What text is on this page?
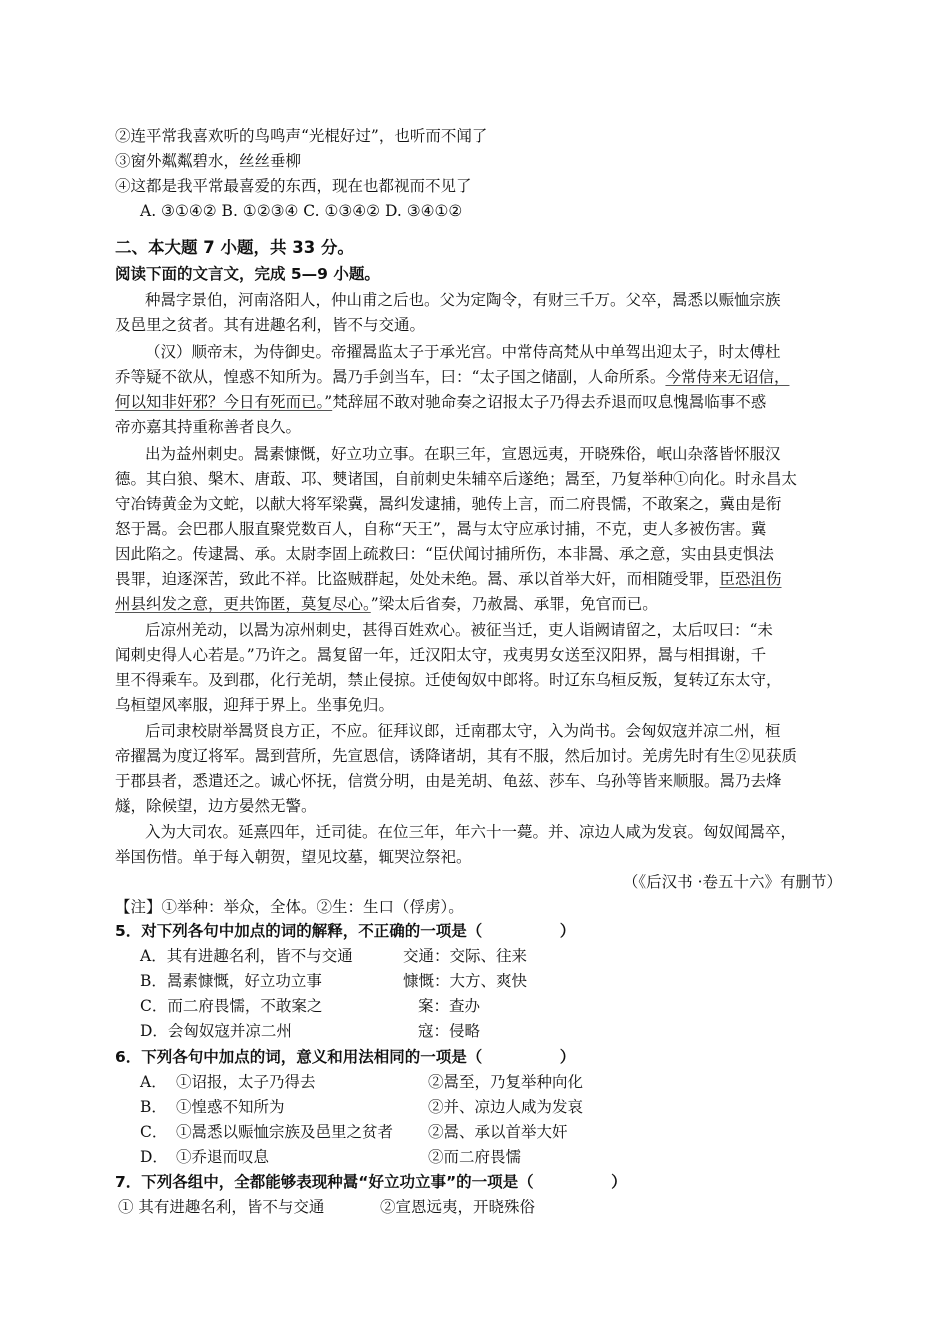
②连平常我喜欢听的鸟鸣声“光棍好过”，也听而不闻了
③窗外粼粼碧水，丝丝垂柳
④这都是我平常最喜爱的东西，现在也都视而不见了
A. ③①④② B. ①②③④ C. ①③④② D. ③④①②
二、本大题 7 小题，共 33 分。
阅读下面的文言文，完成 5—9 小题。
种暠字景伯，河南洛阳人，仲山甫之后也。父为定陶令，有财三千万。父卒，暠悉以赈恤宗族
及邑里之贫者。其有进趣名利，皆不与交通。
（汉）顺帝末，为侍御史。帝擢暠监太子于承光宫。中常侍高梵从中单驾出迎太子，时太傅杜
乔等疑不欲从，惶惑不知所为。暠乃手剑当车，曰：“太子国之储副，人命所系。今常侍来无诏信，
何以知非奸邪？今日有死而已。”梵辞屈不敢对驰命奏之诏报太子乃得去乔退而叹息愧暠临事不惑
帝亦嘉其持重称善者良久。
出为益州刺史。暠素慷慨，好立功立事。在职三年，宣恩远夷，开晓殊俗，岷山杂落皆怀服汉
德。其白狼、槃木、唐菆、邛、僰诸国，自前刺史朱辅卒后遂绝；暠至，乃复举种①向化。时永昌太
守冶铸黄金为文蛇，以献大将军梁冀，暠纠发逮捕，驰传上言，而二府畏懦，不敢案之，冀由是衔
怒于暠。会巴郡人服直聚党数百人，自称“天王”，暠与太守应承讨捕，不克，吏人多被伤害。冀
因此陷之。传逮暠、承。太尉李固上疏救曰：“臣伏闻讨捕所伤，本非暠、承之意，实由县吏惧法
畏罪，迫逐深苦，致此不祥。比盗贼群起，处处未绝。暠、承以首举大奸，而相随受罪，臣恐沮伤
州县纠发之意，更共饰匿，莫复尽心。”梁太后省奏，乃赦暠、承罪，免官而已。
后凉州羌动，以暠为凉州刺史，甚得百姓欢心。被征当迁，吏人诣阙请留之，太后叹曰：“未
闻刺史得人心若是。”乃许之。暠复留一年，迁汉阳太守，戎夷男女送至汉阳界，暠与相揖谢，千
里不得乘车。及到郡，化行羌胡，禁止侵掠。迁使匈奴中郎将。时辽东乌桓反叛，复转辽东太守，
乌桓望风率服，迎拜于界上。坐事免归。
后司隶校尉举暠贤良方正，不应。征拜议郎，迁南郡太守，入为尚书。会匈奴寇并凉二州，桓
帝擢暠为度辽将军。暠到营所，先宣恩信，诱降诸胡，其有不服，然后加讨。羌虏先时有生②见获质
于郡县者，悉遣还之。诚心怀抚，信赏分明，由是羌胡、龟兹、莎车、乌孙等皆来顺服。暠乃去烽
燧，除候望，边方晏然无警。
入为大司农。延熹四年，迁司徒。在位三年，年六十一薨。并、凉边人咸为发哀。匈奴闻暠卒，
举国伤惜。单于每入朝贺，望见坟墓，辄哭泣祭祀。
（《后汉书 ·卷五十六》有删节）
【注】①举种：举众，全体。②生：生口（俘虏）。
5．对下列各句中加点的词的解释，不正确的一项是（　　　　　）
A．其有进趣名利，皆不与交通	交通：交际、往来
B．暠素慷慨，好立功立事	慷慨：大方、爽快
C．而二府畏懦，不敢案之	案：查办
D．会匈奴寇并凉二州	寇：侵略
6．下列各句中加点的词，意义和用法相同的一项是（　　　　　）
A． ①诏报，太子乃得去	②暠至，乃复举种向化
B． ①惶惑不知所为	②并、凉边人咸为发哀
C． ①暠悉以赈恤宗族及邑里之贫者 ②暠、承以首举大奸
D． ①乔退而叹息	②而二府畏懦
7．下列各组中，全都能够表现种暠“好立功立事”的一项是（　　　　　）
① 其有进趣名利，皆不与交通	②宣恩远夷，开晓殊俗
